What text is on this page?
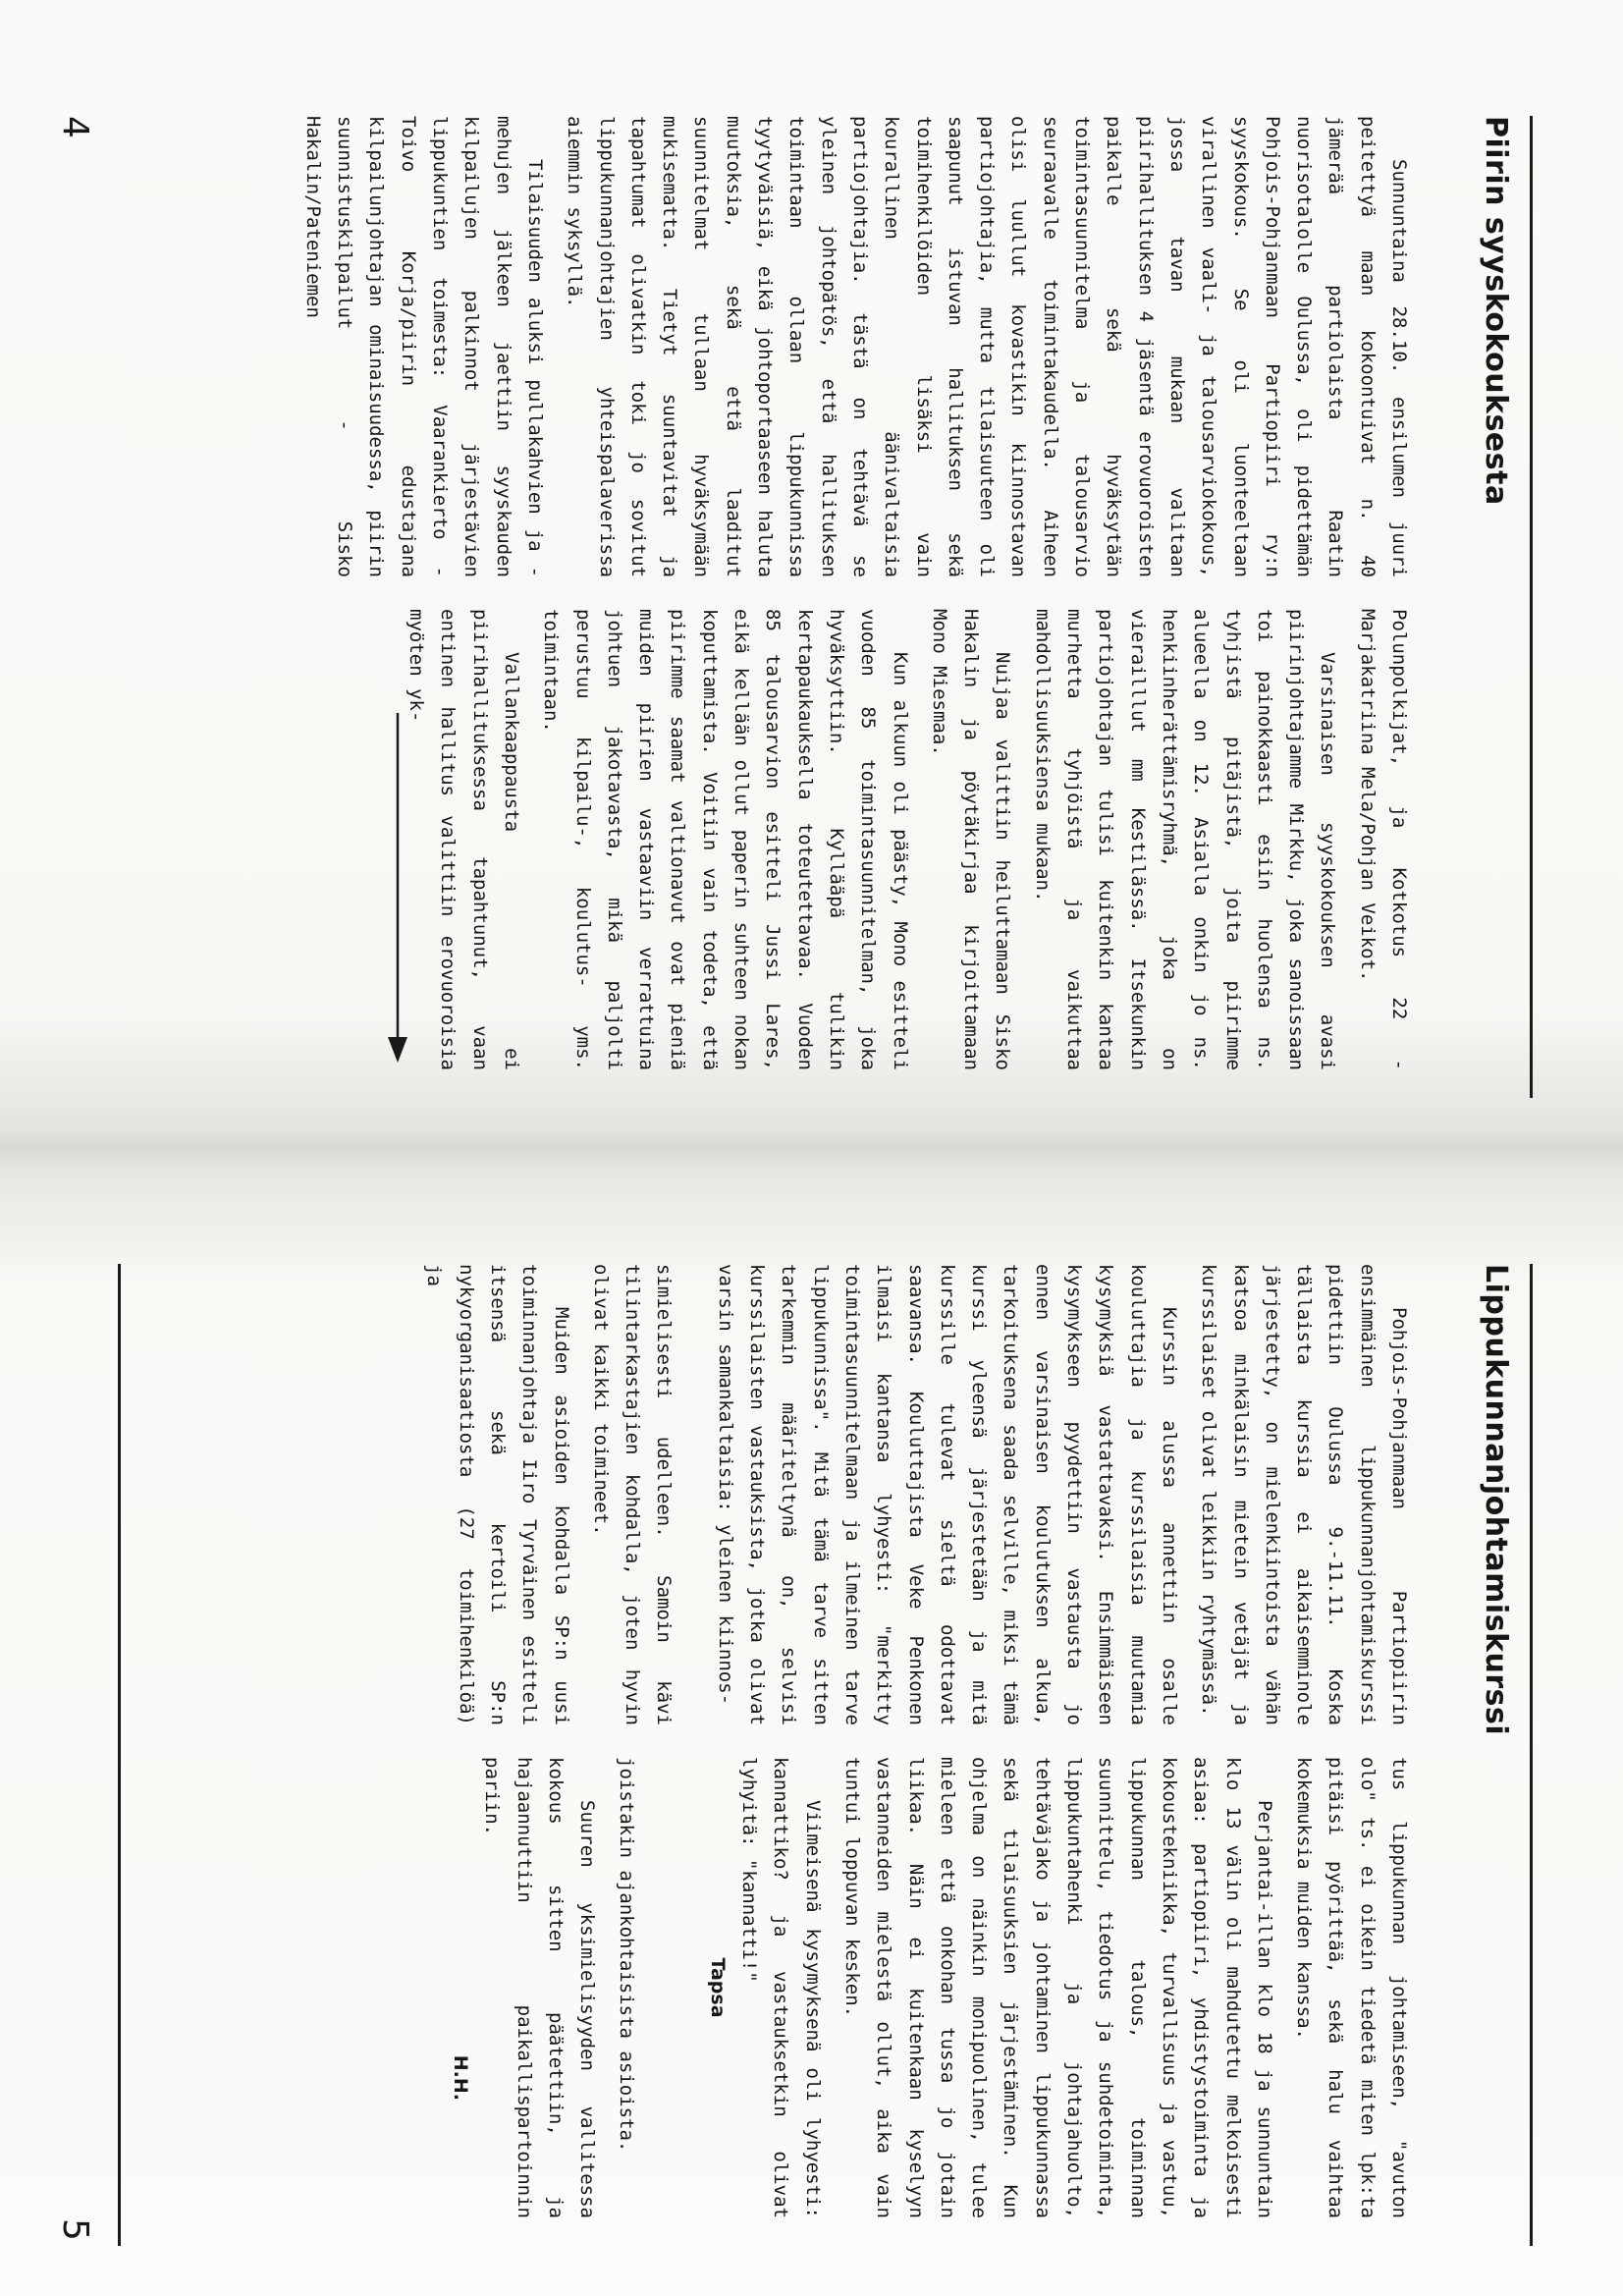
Piirin syyskokouksesta

Sunnuntaina 28.10. ensilumen juuri peitettyä maan kokoontuivat n. 40 jämerää partiolaista Raatin nuorisotalolle Oulussa, oli pidettämän Pohjois-Pohjanmaan Partiopiiri ry:n syyskokous. Se oli luonteeltaan virallinen vaali- ja talousarviokokous, jossa tavan mukaan valitaan piirihallituksen 4 jäsentä erovuoroisten paikalle sekä hyväksytään toimintasuunnitelma ja talousarvio seuraavalle toimintakaudella. Aiheen olisi luullut kovastikin kiinnostavan partiojohtajia, mutta tilaisuuteen oli saapunut istuvan hallituksen sekä toimihenkilöiden lisäksi vain kourallinen äänivaltaisia partiojohtajia. tästä on tehtävä se yleinen johtopätös, että hallituksen toimintaan ollaan lippukunnissa tyytyväisiä, eikä johtoportaaseen haluta muutoksia, sekä että laaditut suunnitelmat tullaan hyväksymään mukisematta. Tietyt suuntavitat ja tapahtumat olivatkin toki jo sovitut lippukunnanjohtajien yhteispalaverissa aiemmin syksyllä.

Tilaisuuden aluksi pullakahvien ja -mehujen jälkeen jaettiin syyskauden kilpailujen palkinnot järjestävien lippukuntien toimesta: Vaarankierto - Toivo Korja/piirin edustajana kilpailunjohtajan ominaisuudessa, piirin suunnistuskilpailut - Sisko Hakalin/Pateniemen

Polunpolkijat, ja Kotkotus 22 - Marjakatriina Mela/Pohjan Veikot.

Varsinaisen syyskokouksen avasi piirinjohtajamme Mirkku, joka sanoissaan toi painokkaasti esiin huolensa ns. tyhjistä pitäjistä, joita piirimme alueella on 12. Asialla onkin jo ns. henkiinherättämisryhmä, joka on vierailllut mm Kestilässä. Itsekunkin partiojohtajan tulisi kuitenkin kantaa murhetta tyhjöistä ja vaikuttaa mahdollisuuksiensa mukaan.

Nuijaa valittiin heiluttamaan Sisko Hakalin ja pöytäkirjaa kirjoittamaan Mono Miesmaa.

Kun alkuun oli päästy, Mono esitteli vuoden 85 toimintasuunnitelman, joka hyväksyttiin. Kyllääpä tulikin kertapaukauksella toteutettavaa. Vuoden 85 talousarvion esitteli Jussi Lares, eikä kellään ollut paperin suhteen nokan koputtamista. Voitiin vain todeta, että piirimme saamat valtionavut ovat pieniä muiden piirien vastaaviin verrattuina johtuen jakotavasta, mikä paljolti perustuu kilpailu-, koulutus- yms. toimintaan.

Vallankaappausta ei piirihallituksessa tapahtunut, vaan entinen hallitus valittiin erovuoroisia myöten yk-

4
Lippukunnanjohtamiskurssi

Pohjois-Pohjanmaan Partiopiirin ensimmäinen lippukunnanjohtamiskurssi pidettiin Oulussa 9.-11.11. Koska tällaista kurssia ei aikaisemminole järjestetty, on mielenkiintoista vähän katsoa minkälaisin mietein vetäjät ja kurssilaiset olivat leikkiin ryhtymässä.

Kurssin alussa annettiin osalle kouluttajia ja kurssilaisia muutamia kysymyksiä vastattavaksi. Ensimmäiseen kysymykseen pyydettiin vastausta jo ennen varsinaisen koulutuksen alkua, tarkoituksena saada selville, miksi tämä kurssi yleensä järjestetään ja mitä kurssille tulevat sieltä odottavat saavansa. Kouluttajista Veke Penkonen ilmaisi kantansa lyhyesti: "merkitty toimintasuunnitelmaan ja ilmeinen tarve lippukunnissa". Mitä tämä tarve sitten tarkemmin määriteltynä on, selvisi kurssilaisten vastauksista, jotka olivat varsin samankaltaisia: yleinen kiinnos-

simielisesti udelleen. Samoin kävi tilintarkastajien kohdalla, joten hyvin olivat kaikki toimineet.

Muiden asioiden kohdalla SP:n uusi toiminnanjohtaja Iiro Tyrväinen esitteli itsensä sekä kertoili SP:n nykyorganisaatiosta (27 toimihenkilöä) ja

tus lippukunnan johtamiseen, "avuton olo" ts. ei oikein tiedetä miten lpk:ta pitäisi pyörittää, sekä halu vaihtaa kokemuksia muiden kanssa.

Perjantai-illan klo 18 ja sunnuntain klo 13 välin oli mahdutettu melkoisesti asiaa: partiopiiri, yhdistystoiminta ja kokoustekniikka, turvallisuus ja vastuu, lippukunnan talous, toiminnan suunnittelu, tiedotus ja suhdetoiminta, lippukuntahenki ja johtajahuolto, tehtäväjako ja johtaminen lippukunnassa sekä tilaisuuksien järjestäminen. Kun ohjelma on näinkin monipuolinen, tulee mieleen että onkohan tussa jo jotain liikaa. Näin ei kuitenkaan kyselyyn vastanneiden mielestä ollut, aika vain tuntui loppuvan kesken.

Viimeisenä kysymyksenä oli lyhyesti: kannattiko? ja vastauksetkin olivat lyhyitä: "kannatti!"

Tapsa

joistakin ajankohtaisista asioista.

Suuren yksimielisyyden vallitessa kokous sitten päätettiin, ja hajaannuttiin paikallispartoinnin pariin.

H.H.

5
